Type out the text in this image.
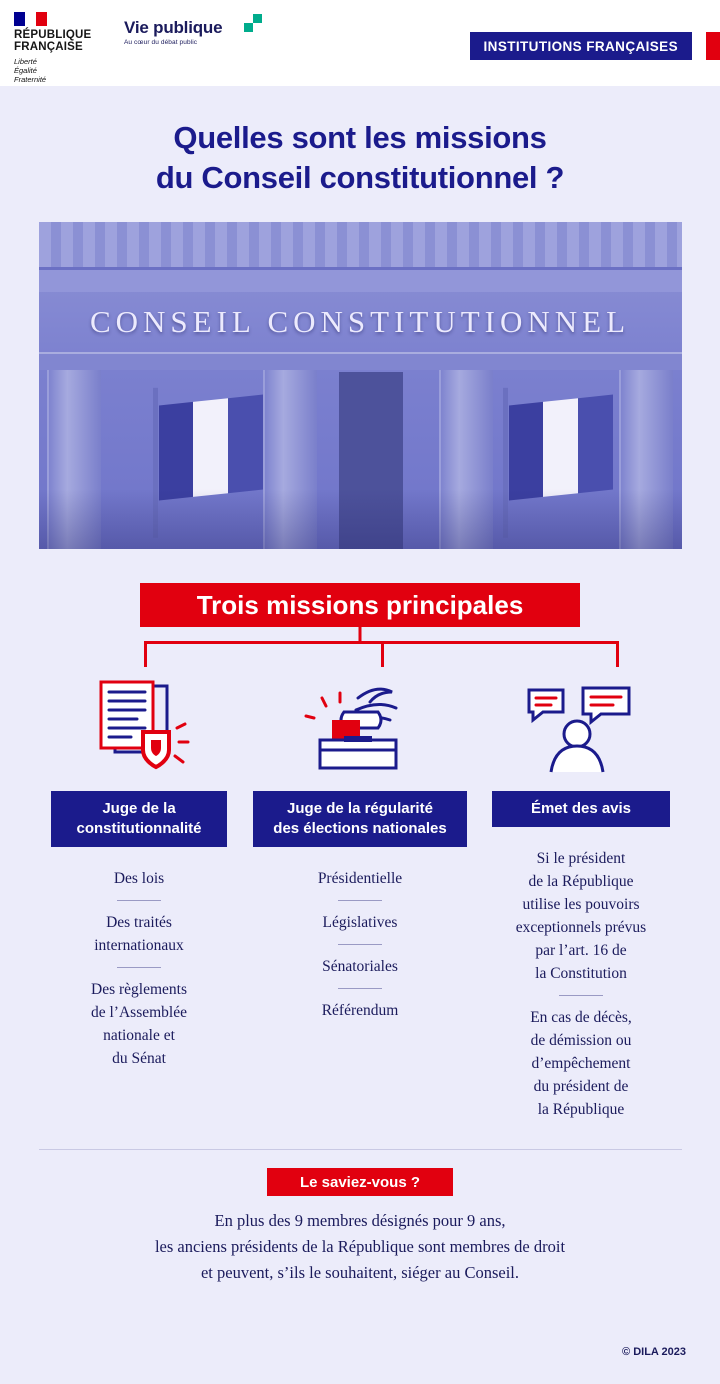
RÉPUBLIQUE
FRANÇAISE
Liberté
Égalité
Fraternité
Vie publique
Au cœur du débat public	INSTITUTIONS FRANÇAISES
Quelles sont les missions
du Conseil constitutionnel ?
CONSEIL CONSTITUTIONNEL
Trois missions principales
Juge de la
constitutionnalité
Des lois
Des traités
internationaux
Des règlements
de l’Assemblée
nationale et
du Sénat
Juge de la régularité
des élections nationales
Présidentielle
Législatives
Sénatoriales
Référendum
Émet des avis
Si le président
de la République
utilise les pouvoirs
exceptionnels prévus
par l’art. 16 de
la Constitution
En cas de décès,
de démission ou
d’empêchement
du président de
la République
Le saviez-vous ?
En plus des 9 membres désignés pour 9 ans,
les anciens présidents de la République sont membres de droit
et peuvent, s’ils le souhaitent, siéger au Conseil.
© DILA 2023
